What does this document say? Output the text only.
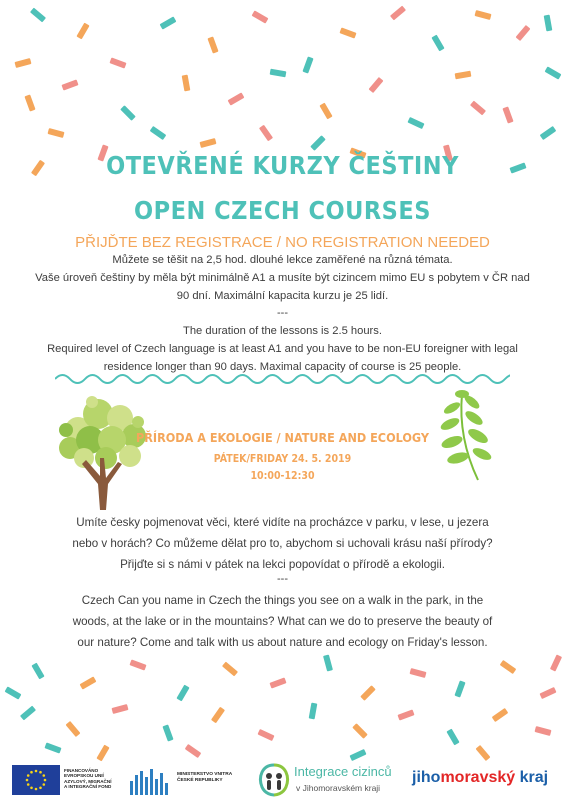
OTEVŘENÉ KURZY ČEŠTINY
OPEN CZECH COURSES

PŘIJĎTE BEZ REGISTRACE / NO REGISTRATION NEEDED

Můžete se těšit na 2,5 hod. dlouhé lekce zaměřené na různá témata.

Vaše úroveň češtiny by měla být minimálně A1 a musíte být cizincem mimo EU s pobytem v ČR nad

90 dní. Maximální kapacita kurzu je 25 lidí.

---

The duration of the lessons is 2.5 hours.

Required level of Czech language is at least A1 and you have to be non-EU foreigner with legal

residence longer than 90 days. Maximal capacity of course is 25 people.

PŘÍRODA A EKOLOGIE / NATURE AND ECOLOGY

PÁTEK/FRIDAY 24. 5. 2019

10:00-12:30

Umíte česky pojmenovat věci, které vidíte na procházce v parku, v lese, u jezera

nebo v horách? Co můžeme dělat pro to, abychom si uchovali krásu naší přírody?

Přijďte si s námi v pátek na lekci popovídat o přírodě a ekologii.

---

Czech Can you name in Czech the things you see on a walk in the park, in the

woods, at the lake or in the mountains? What can we do to preserve the beauty of

our nature? Come and talk with us about nature and ecology on Friday's lesson.

FINANCOVÁNO
EVROPSKOU UNIÍ
AZYLOVÝ, MIGRAČNÍ
A INTEGRAČNÍ FOND
MINISTERSTVO VNITRA
ČESKÉ REPUBLIKY
Integrace cizinců
v Jihomoravském kraji
jihomoravský kraj
